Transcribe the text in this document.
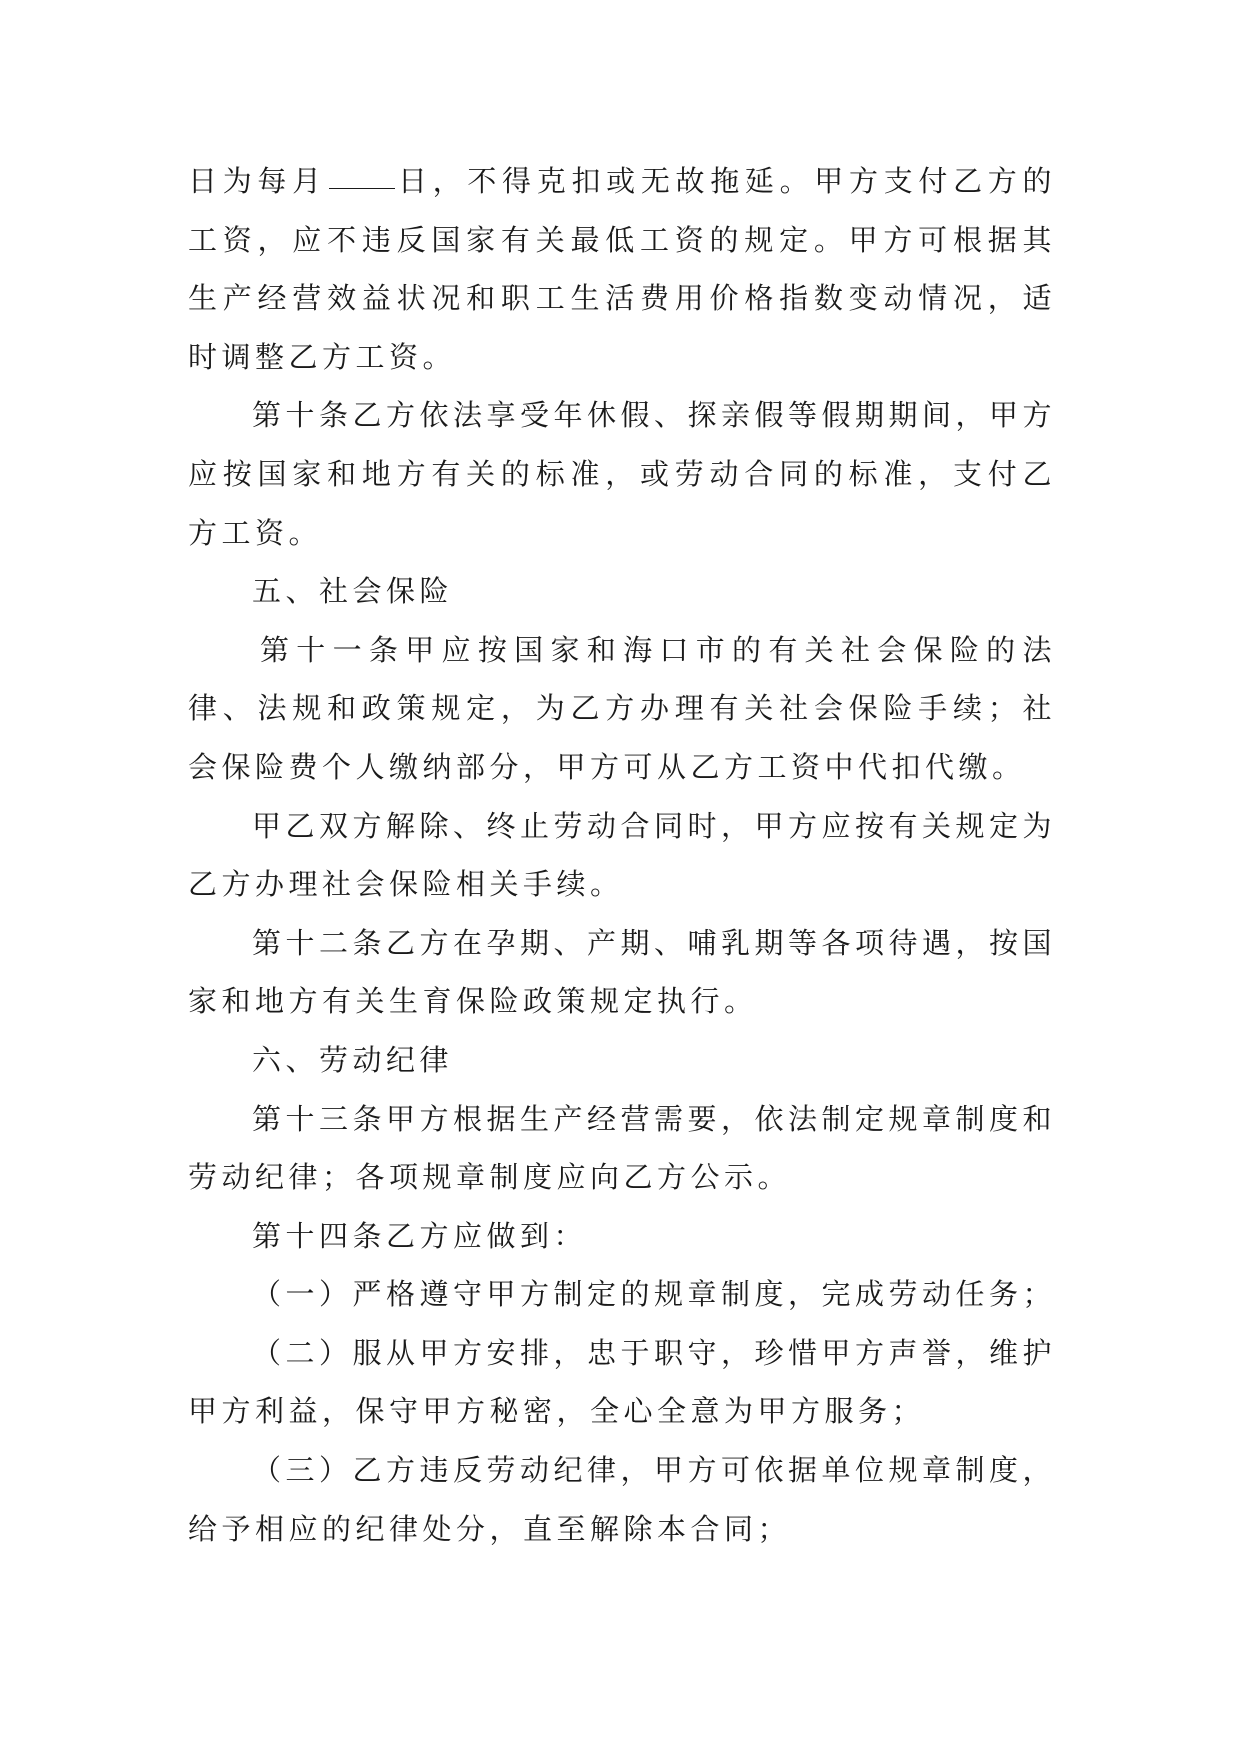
日为每月 日，不得克扣或无故拖延。甲方支付乙方的工资，应不违反国家有关最低工资的规定。甲方可根据其生产经营效益状况和职工生活费用价格指数变动情况，适时调整乙方工资。

第十条乙方依法享受年休假、探亲假等假期期间，甲方应按国家和地方有关的标准，或劳动合同的标准，支付乙方工资。

五、社会保险

第十一条甲应按国家和海口市的有关社会保险的法律、法规和政策规定，为乙方办理有关社会保险手续；社会保险费个人缴纳部分，甲方可从乙方工资中代扣代缴。

甲乙双方解除、终止劳动合同时，甲方应按有关规定为乙方办理社会保险相关手续。

第十二条乙方在孕期、产期、哺乳期等各项待遇，按国家和地方有关生育保险政策规定执行。

六、劳动纪律

第十三条甲方根据生产经营需要，依法制定规章制度和劳动纪律；各项规章制度应向乙方公示。

第十四条乙方应做到：

（一）严格遵守甲方制定的规章制度，完成劳动任务；

（二）服从甲方安排，忠于职守，珍惜甲方声誉，维护甲方利益，保守甲方秘密，全心全意为甲方服务；

（三）乙方违反劳动纪律，甲方可依据单位规章制度，给予相应的纪律处分，直至解除本合同；
